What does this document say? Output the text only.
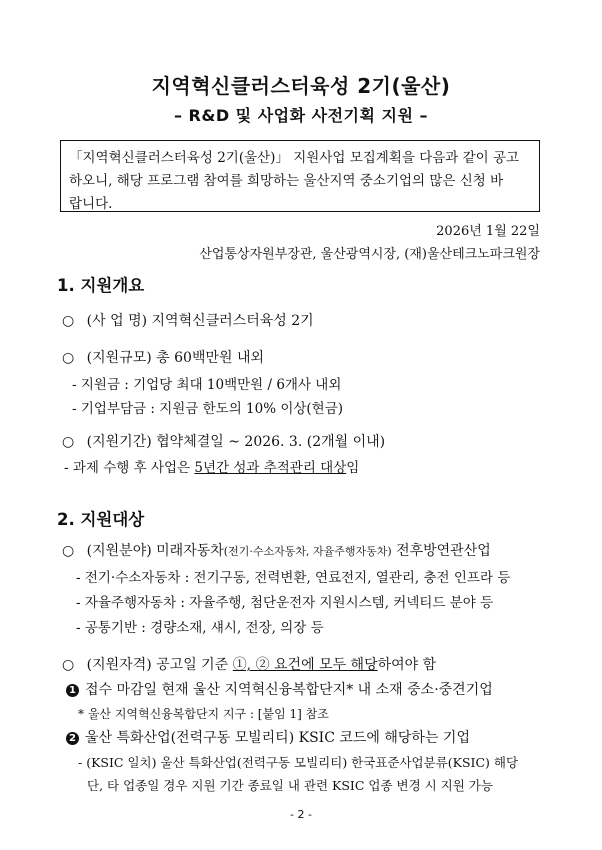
지역혁신클러스터육성 2기(울산)
– R&D 및 사업화 사전기획 지원 –
「지역혁신클러스터육성 2기(울산)」 지원사업 모집계획을 다음과 같이 공고
하오니, 해당 프로그램 참여를 희망하는 울산지역 중소기업의 많은 신청 바
랍니다.
2026년 1월 22일
산업통상자원부장관, 울산광역시장, (재)울산테크노파크원장
1. 지원개요
○ (사 업 명) 지역혁신클러스터육성 2기
○ (지원규모) 총 60백만원 내외
- 지원금 : 기업당 최대 10백만원 / 6개사 내외
- 기업부담금 : 지원금 한도의 10% 이상(현금)
○ (지원기간) 협약체결일 ~ 2026. 3. (2개월 이내)
- 과제 수행 후 사업은 5년간 성과 추적관리 대상임
2. 지원대상
○ (지원분야) 미래자동차(전기·수소자동차, 자율주행자동차) 전후방연관산업
- 전기·수소자동차 : 전기구동, 전력변환, 연료전지, 열관리, 충전 인프라 등
- 자율주행자동차 : 자율주행, 첨단운전자 지원시스템, 커넥티드 분야 등
- 공통기반 : 경량소재, 섀시, 전장, 의장 등
○ (지원자격) 공고일 기준 ①, ② 요건에 모두 해당하여야 함
1 접수 마감일 현재 울산 지역혁신융복합단지* 내 소재 중소·중견기업
* 울산 지역혁신융복합단지 지구 : [붙임 1] 참조
2 울산 특화산업(전력구동 모빌리티) KSIC 코드에 해당하는 기업
- (KSIC 일치) 울산 특화산업(전력구동 모빌리티) 한국표준사업분류(KSIC) 해당
단, 타 업종일 경우 지원 기간 종료일 내 관련 KSIC 업종 변경 시 지원 가능
- 2 -
